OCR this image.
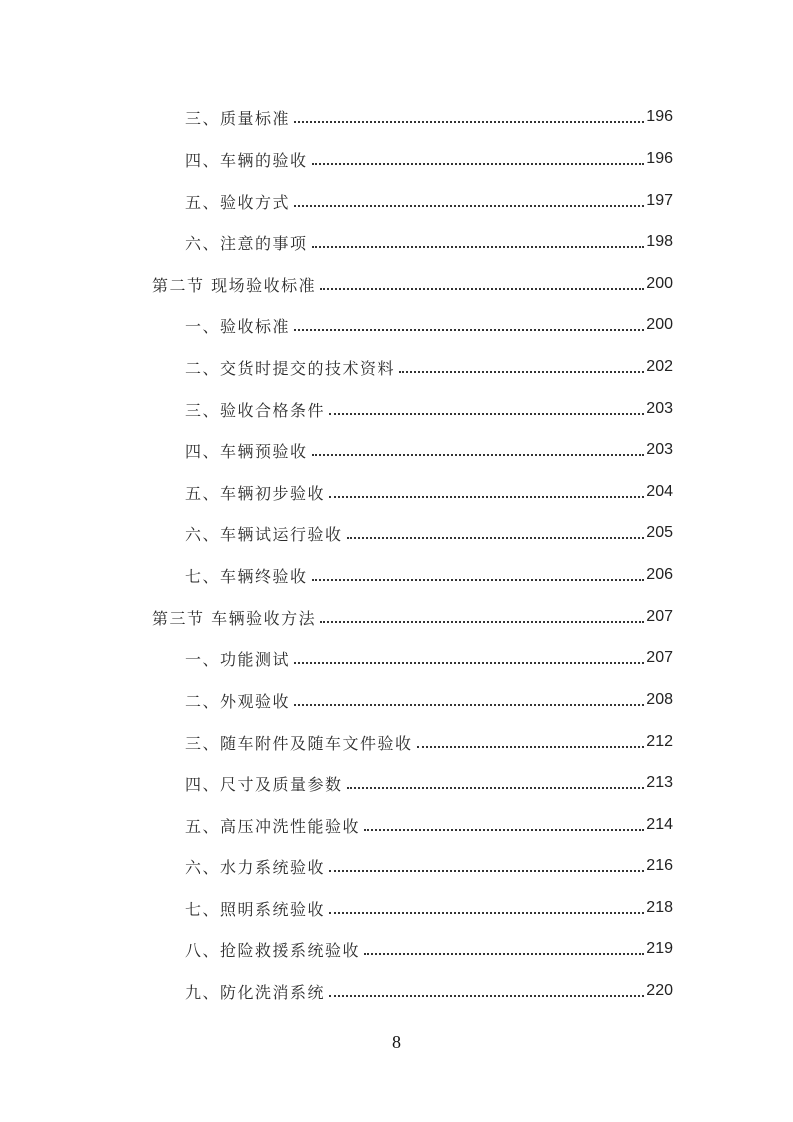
三、质量标准	196
四、车辆的验收	196
五、验收方式	197
六、注意的事项	198
第二节 现场验收标准	200
一、验收标准	200
二、交货时提交的技术资料	202
三、验收合格条件	203
四、车辆预验收	203
五、车辆初步验收	204
六、车辆试运行验收	205
七、车辆终验收	206
第三节 车辆验收方法	207
一、功能测试	207
二、外观验收	208
三、随车附件及随车文件验收	212
四、尺寸及质量参数	213
五、高压冲洗性能验收	214
六、水力系统验收	216
七、照明系统验收	218
八、抢险救援系统验收	219
九、防化洗消系统	220
8
